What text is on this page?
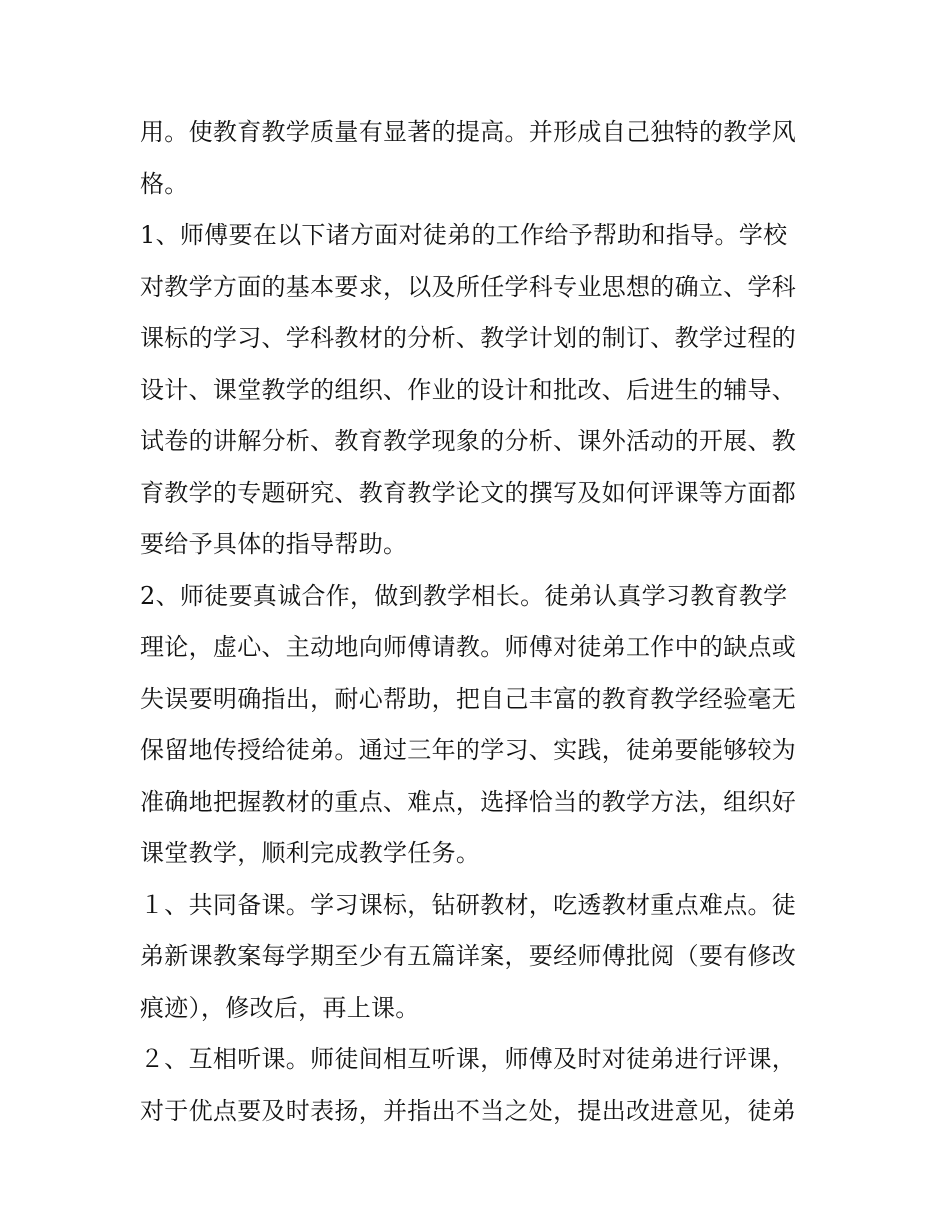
用。使教育教学质量有显著的提高。并形成自己独特的教学风
格。
1、师傅要在以下诸方面对徒弟的工作给予帮助和指导。学校
对教学方面的基本要求，以及所任学科专业思想的确立、学科
课标的学习、学科教材的分析、教学计划的制订、教学过程的
设计、课堂教学的组织、作业的设计和批改、后进生的辅导、
试卷的讲解分析、教育教学现象的分析、课外活动的开展、教
育教学的专题研究、教育教学论文的撰写及如何评课等方面都
要给予具体的指导帮助。
2、师徒要真诚合作，做到教学相长。徒弟认真学习教育教学
理论，虚心、主动地向师傅请教。师傅对徒弟工作中的缺点或
失误要明确指出，耐心帮助，把自己丰富的教育教学经验毫无
保留地传授给徒弟。通过三年的学习、实践，徒弟要能够较为
准确地把握教材的重点、难点，选择恰当的教学方法，组织好
课堂教学，顺利完成教学任务。
１、共同备课。学习课标，钻研教材，吃透教材重点难点。徒
弟新课教案每学期至少有五篇详案，要经师傅批阅（要有修改
痕迹），修改后，再上课。
２、互相听课。师徒间相互听课，师傅及时对徒弟进行评课，
对于优点要及时表扬，并指出不当之处，提出改进意见，徒弟
